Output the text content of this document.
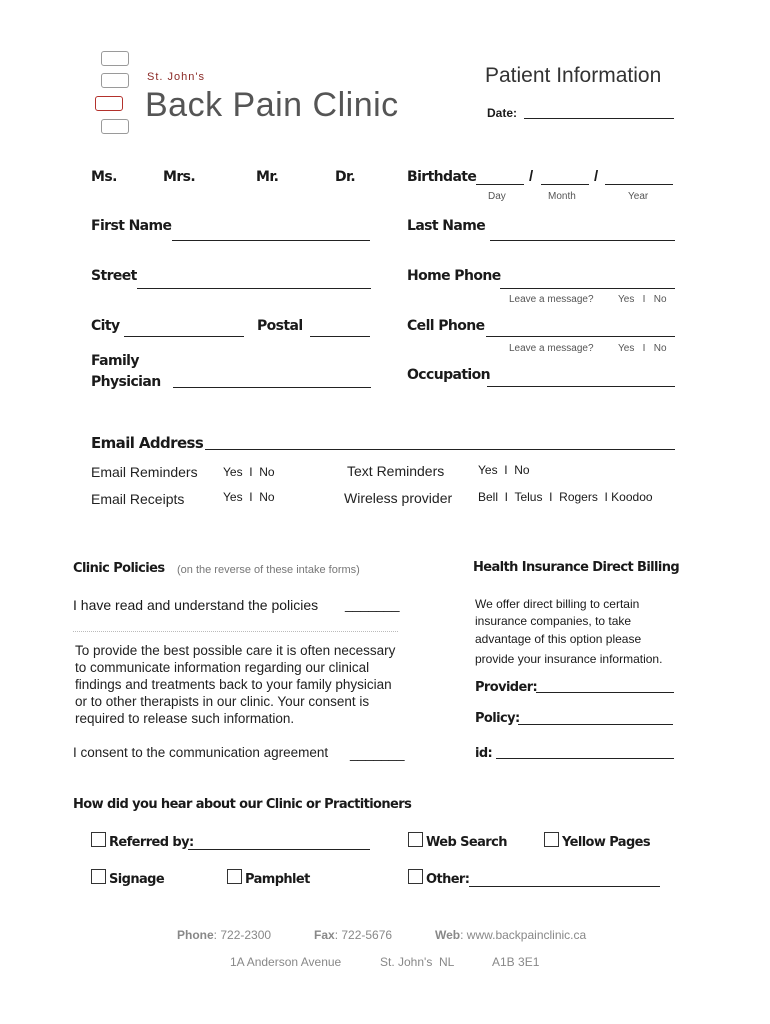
St. John's
Back Pain Clinic
Patient Information
Date:
Ms.	Mrs.	Mr.	Dr.	Birthdate	/	/
Day	Month	Year
First Name	Last Name
Street	Home Phone
Leave a message? Yes   I   No
City	Postal	Cell Phone
Leave a message? Yes   I   No
Family
Physician	Occupation
Email Address
Email Reminders Yes  I  No	Text Reminders	Yes  I  No
Email Receipts	Yes  I  No	Wireless provider Bell  I  Telus  I  Rogers  I Koodoo
Clinic Policies (on the reverse of these intake forms)
I have read and understand the policies _______
To provide the best possible care it is often necessary
to communicate information regarding our clinical
findings and treatments back to your family physician
or to other therapists in our clinic. Your consent is
required to release such information.
I consent to the communication agreement _______
Health Insurance Direct Billing
We offer direct billing to certain
insurance companies, to take
advantage of this option please
provide your insurance information.
Provider:
Policy:
id:
How did you hear about our Clinic or Practitioners
Referred by:	Web Search	Yellow Pages
Signage	Pamphlet	Other:
Phone: 722-2300	Fax: 722-5676	Web: www.backpainclinic.ca
1A Anderson Avenue	St. John's  NL	A1B 3E1
